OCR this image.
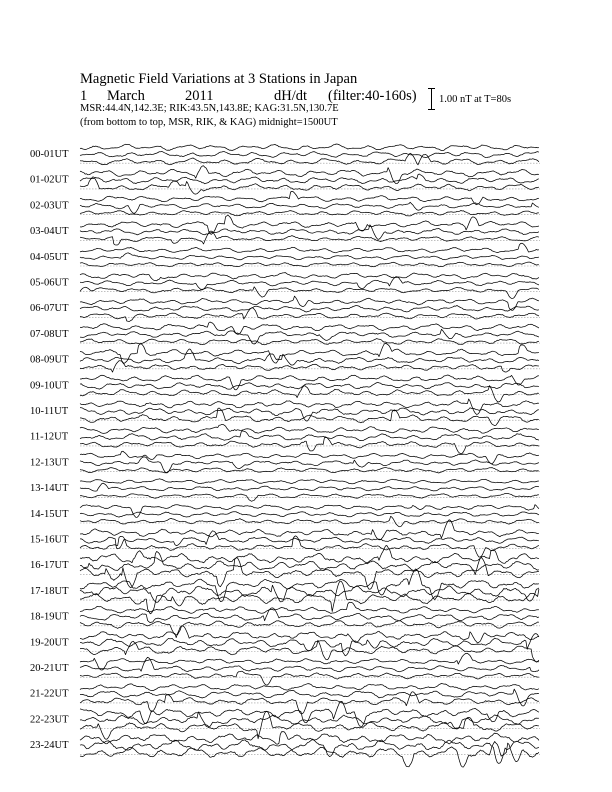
Magnetic Field Variations at 3 Stations in Japan
1 March	2011	dH/dt (filter:40-160s)
MSR:44.4N,142.3E; RIK:43.5N,143.8E; KAG:31.5N,130.7E
(from bottom to top, MSR, RIK, & KAG) midnight=1500UT
1.00 nT at T=80s
00-01UT
01-02UT
02-03UT
03-04UT
04-05UT
05-06UT
06-07UT
07-08UT
08-09UT
09-10UT
10-11UT
11-12UT
12-13UT
13-14UT
14-15UT
15-16UT
16-17UT
17-18UT
18-19UT
19-20UT
20-21UT
21-22UT
22-23UT
23-24UT
